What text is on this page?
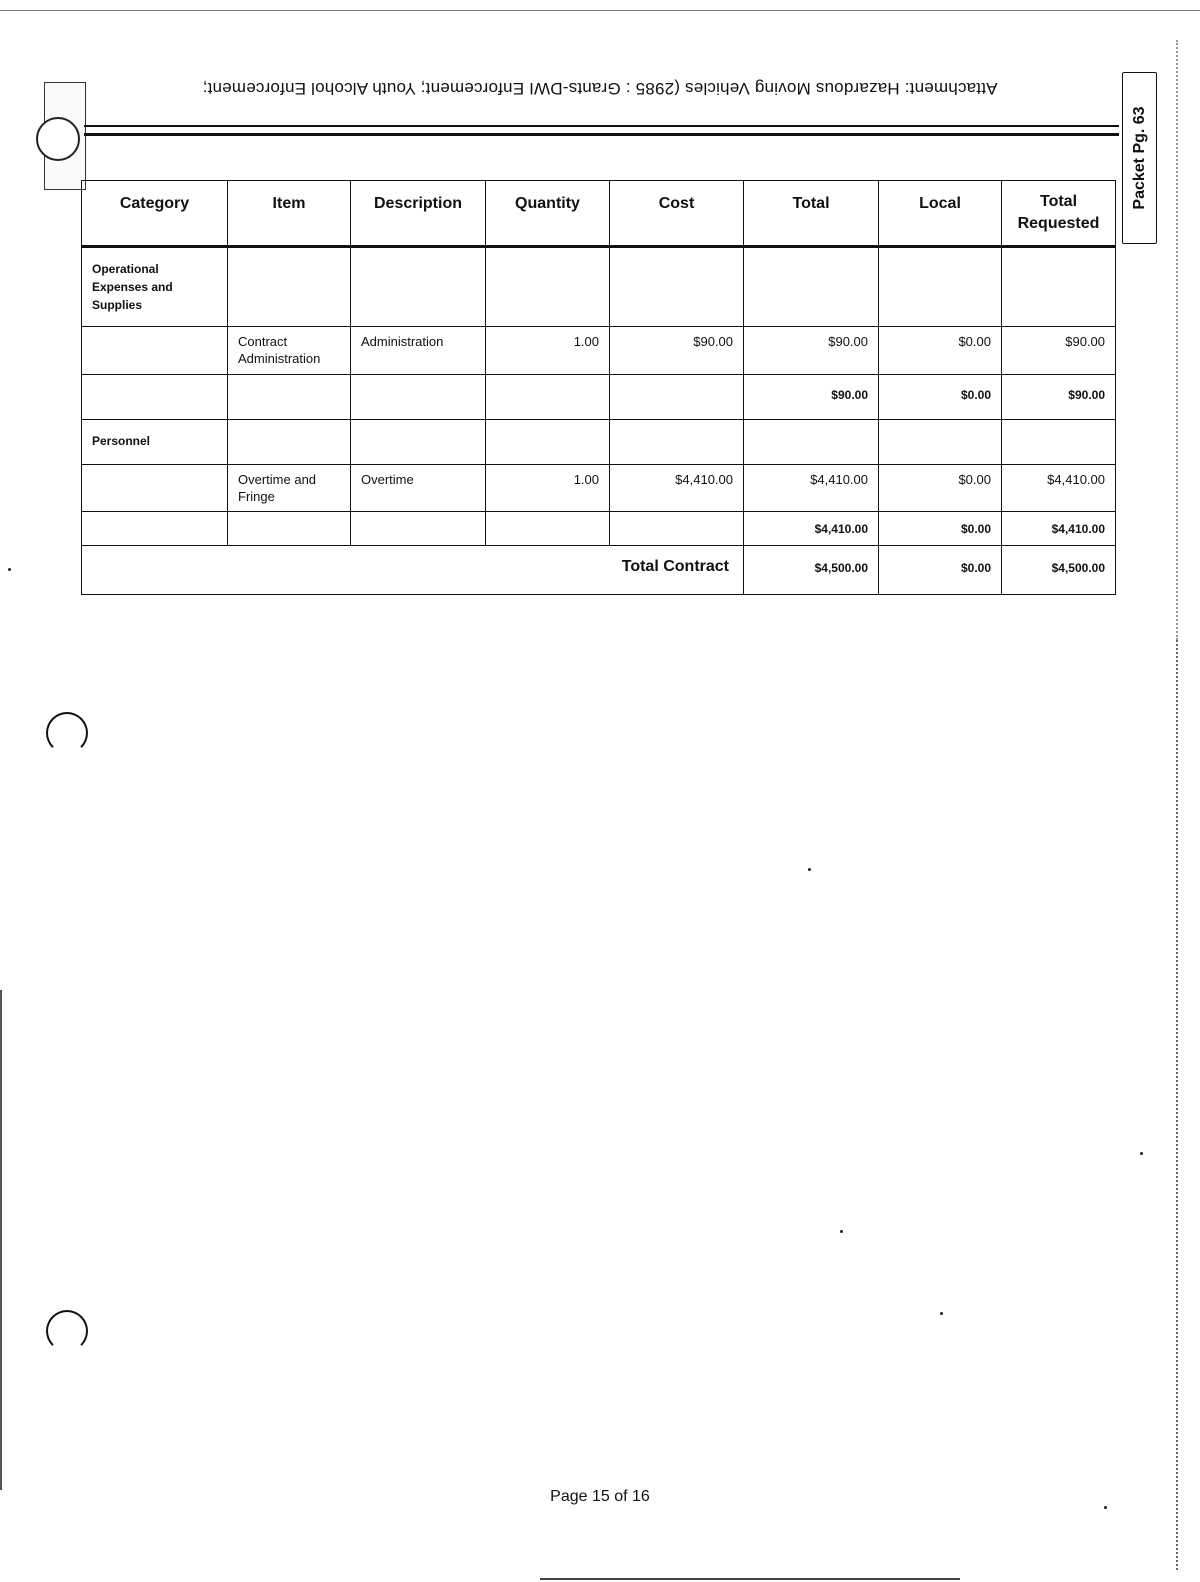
Attachment: Hazardous Moving Vehicles (2985 : Grants-DWI Enforcement; Youth Alcohol Enforcement;
Packet Pg. 63
Category	Item	Description	Quantity	Cost	Total	Local	Total Requested

Operational Expenses and Supplies							

	Contract Administration	Administration	1.00	$90.00	$90.00	$0.00	$90.00

					$90.00	$0.00	$90.00

Personnel							

	Overtime and Fringe	Overtime	1.00	$4,410.00	$4,410.00	$0.00	$4,410.00

					$4,410.00	$0.00	$4,410.00

Total Contract					$4,500.00	$0.00	$4,500.00
Page 15 of 16
